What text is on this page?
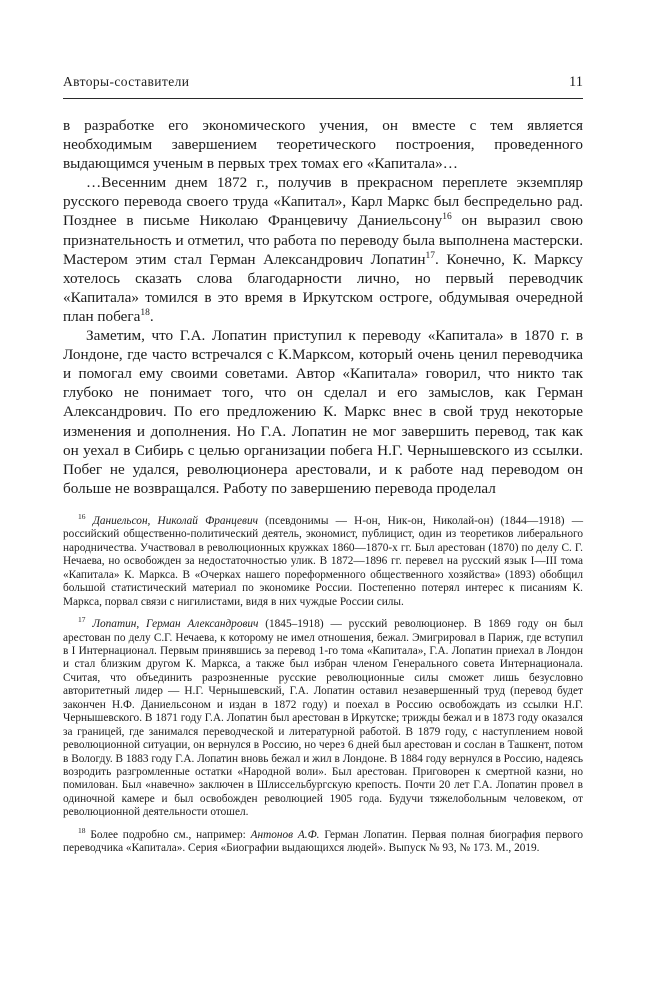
Авторы-составители	11

в разработке его экономического учения, он вместе с тем является необходимым завершением теоретического построения, проведенного выдающимся ученым в первых трех томах его «Капитала»…

…Весенним днем 1872 г., получив в прекрасном переплете экземпляр русского перевода своего труда «Капитал», Карл Маркс был беспредельно рад. Позднее в письме Николаю Францевичу Даниельсону$^{16}$ он выразил свою признательность и отметил, что работа по переводу была выполнена мастерски. Мастером этим стал Герман Александрович Лопатин$^{17}$. Конечно, К. Марксу хотелось сказать слова благодарности лично, но первый переводчик «Капитала» томился в это время в Иркутском остроге, обдумывая очередной план побега$^{18}$.

Заметим, что Г.А. Лопатин приступил к переводу «Капитала» в 1870 г. в Лондоне, где часто встречался с К.Марксом, который очень ценил переводчика и помогал ему своими советами. Автор «Капитала» говорил, что никто так глубоко не понимает того, что он сделал и его замыслов, как Герман Александрович. По его предложению К. Маркс внес в свой труд некоторые изменения и дополнения. Но Г.А. Лопатин не мог завершить перевод, так как он уехал в Сибирь с целью организации побега Н.Г. Чернышевского из ссылки. Побег не удался, революционера арестовали, и к работе над переводом он больше не возвращался. Работу по завершению перевода проделал

$^{16}$ Даниельсон, Николай Францевич (псевдонимы — Н-он, Ник-он, Николай-он) (1844—1918) — российский общественно-политический деятель, экономист, публицист, один из теоретиков либерального народничества. Участвовал в революционных кружках 1860—1870-х гг. Был арестован (1870) по делу С. Г. Нечаева, но освобожден за недостаточностью улик. В 1872—1896 гг. перевел на русский язык I—III тома «Капитала» К. Маркса. В «Очерках нашего пореформенного общественного хозяйства» (1893) обобщил большой статистический материал по экономике России. Постепенно потерял интерес к писаниям К. Маркса, порвал связи с нигилистами, видя в них чуждые России силы.

$^{17}$ Лопатин, Герман Александрович (1845–1918) — русский революционер. В 1869 году он был арестован по делу С.Г. Нечаева, к которому не имел отношения, бежал. Эмигрировал в Париж, где вступил в I Интернационал. Первым принявшись за перевод 1-го тома «Капитала», Г.А. Лопатин приехал в Лондон и стал близким другом К. Маркса, а также был избран членом Генерального совета Интернационала. Считая, что объединить разрозненные русские революционные силы сможет лишь безусловно авторитетный лидер — Н.Г. Чернышевский, Г.А. Лопатин оставил незавершенный труд (перевод будет закончен Н.Ф. Даниельсоном и издан в 1872 году) и поехал в Россию освобождать из ссылки Н.Г. Чернышевского. В 1871 году Г.А. Лопатин был арестован в Иркутске; трижды бежал и в 1873 году оказался за границей, где занимался переводческой и литературной работой. В 1879 году, с наступлением новой революционной ситуации, он вернулся в Россию, но через 6 дней был арестован и сослан в Ташкент, потом в Вологду. В 1883 году Г.А. Лопатин вновь бежал и жил в Лондоне. В 1884 году вернулся в Россию, надеясь возродить разгромленные остатки «Народной воли». Был арестован. Приговорен к смертной казни, но помилован. Был «навечно» заключен в Шлиссельбургскую крепость. Почти 20 лет Г.А. Лопатин провел в одиночной камере и был освобожден революцией 1905 года. Будучи тяжелобольным человеком, от революционной деятельности отошел.

$^{18}$ Более подробно см., например: Антонов А.Ф. Герман Лопатин. Первая полная биография первого переводчика «Капитала». Серия «Биографии выдающихся людей». Выпуск № 93, № 173. М., 2019.
